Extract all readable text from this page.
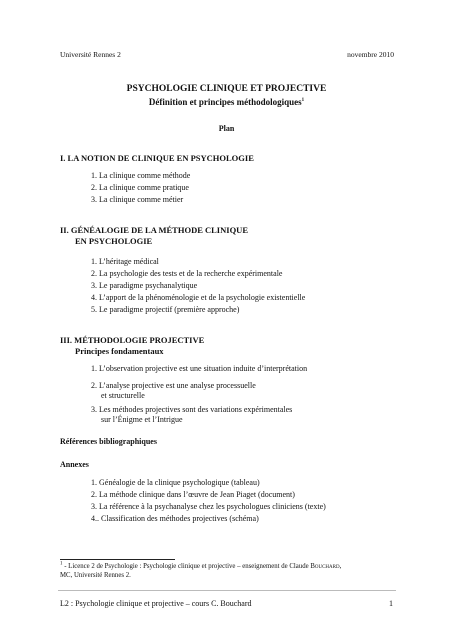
Université Rennes 2	novembre 2010
PSYCHOLOGIE CLINIQUE ET PROJECTIVE
Définition et principes méthodologiques$^1$
Plan
I. LA NOTION DE CLINIQUE EN PSYCHOLOGIE
1. La clinique comme méthode
2. La clinique comme pratique
3. La clinique comme métier
II. GÉNÉALOGIE DE LA MÉTHODE CLINIQUE
EN PSYCHOLOGIE
1. L’héritage médical
2. La psychologie des tests et de la recherche expérimentale
3. Le paradigme psychanalytique
4. L’apport de la phénoménologie et de la psychologie existentielle
5. Le paradigme projectif (première approche)
III. MÉTHODOLOGIE PROJECTIVE
Principes fondamentaux
1. L’observation projective est une situation induite d’interprétation
2. L’analyse projective est une analyse processuelle
et structurelle
3. Les méthodes projectives sont des variations expérimentales
sur l’Énigme et l’Intrigue
Références bibliographiques
Annexes
1. Généalogie de la clinique psychologique (tableau)
2. La méthode clinique dans l’œuvre de Jean Piaget (document)
3. La référence à la psychanalyse chez les psychologues cliniciens (texte)
4.. Classification des méthodes projectives (schéma)
$^1$ - Licence 2 de Psychologie : Psychologie clinique et projective – enseignement de Claude Bouchard,
MC, Université Rennes 2.
L2 : Psychologie clinique et projective – cours C. Bouchard	1
